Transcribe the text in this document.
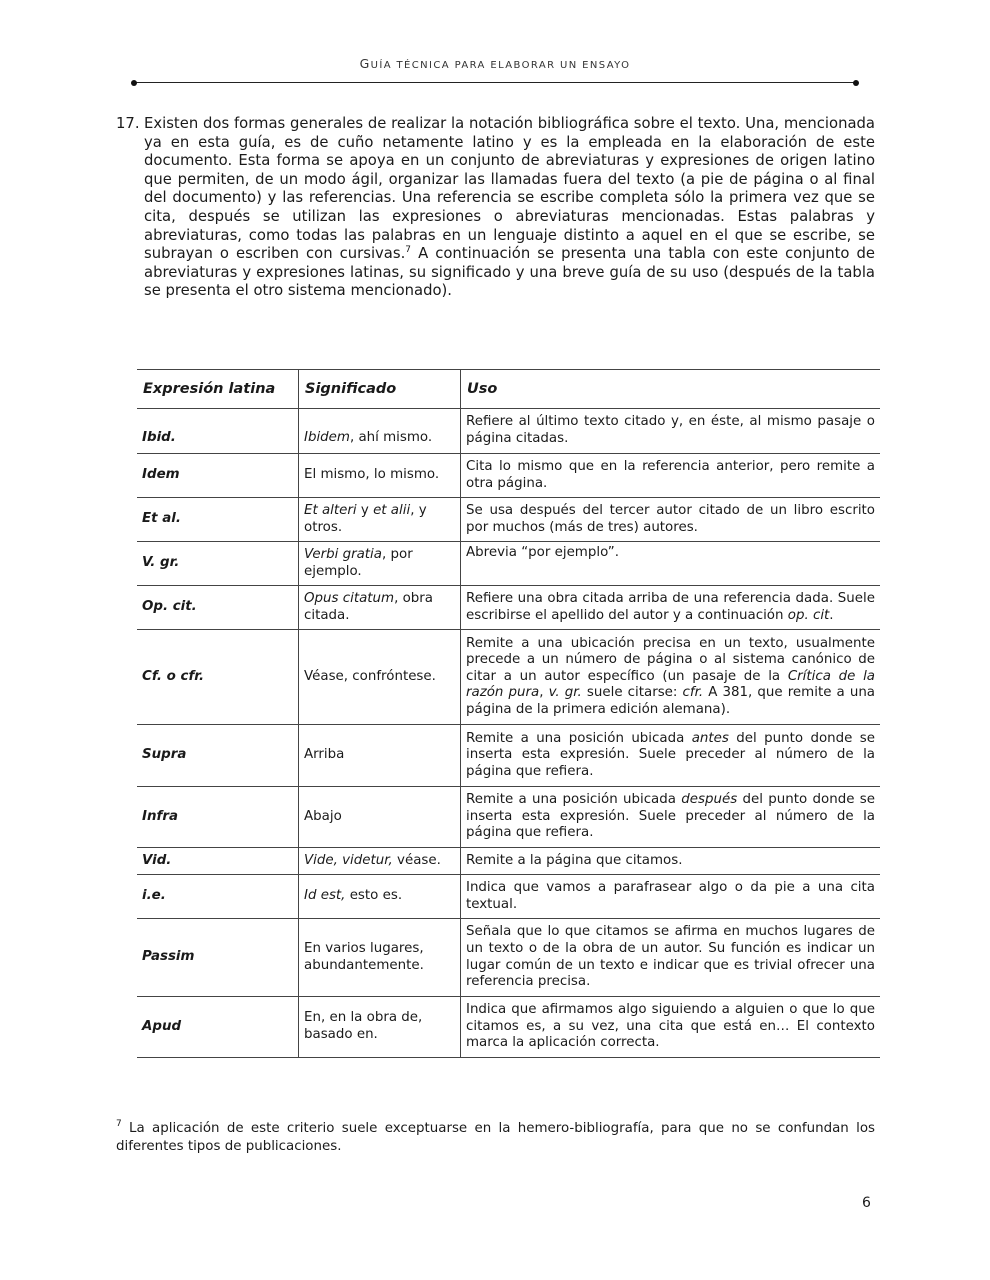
GUÍA TÉCNICA PARA ELABORAR UN ENSAYO
17. Existen dos formas generales de realizar la notación bibliográfica sobre el texto. Una, mencionada ya en esta guía, es de cuño netamente latino y es la empleada en la elaboración de este documento. Esta forma se apoya en un conjunto de abreviaturas y expresiones de origen latino que permiten, de un modo ágil, organizar las llamadas fuera del texto (a pie de página o al final del documento) y las referencias. Una referencia se escribe completa sólo la primera vez que se cita, después se utilizan las expresiones o abreviaturas mencionadas. Estas palabras y abreviaturas, como todas las palabras en un lenguaje distinto a aquel en el que se escribe, se subrayan o escriben con cursivas.$^7$ A continuación se presenta una tabla con este conjunto de abreviaturas y expresiones latinas, su significado y una breve guía de su uso (después de la tabla se presenta el otro sistema mencionado).
Expresión latina	Significado	Uso
Ibid.	Ibidem, ahí mismo.	Refiere al último texto citado y, en éste, al mismo pasaje o página citadas.
Idem	El mismo, lo mismo.	Cita lo mismo que en la referencia anterior, pero remite a otra página.
Et al.	Et alteri y et alii, y otros.	Se usa después del tercer autor citado de un libro escrito por muchos (más de tres) autores.
V. gr.	Verbi gratia, por ejemplo.	Abrevia “por ejemplo”.
Op. cit.	Opus citatum, obra citada.	Refiere una obra citada arriba de una referencia dada. Suele escribirse el apellido del autor y a continuación op. cit.
Cf. o cfr.	Véase, confróntese.	Remite a una ubicación precisa en un texto, usualmente precede a un número de página o al sistema canónico de citar a un autor específico (un pasaje de la Crítica de la razón pura, v. gr. suele citarse: cfr. A 381, que remite a una página de la primera edición alemana).
Supra	Arriba	Remite a una posición ubicada antes del punto donde se inserta esta expresión. Suele preceder al número de la página que refiera.
Infra	Abajo	Remite a una posición ubicada después del punto donde se inserta esta expresión. Suele preceder al número de la página que refiera.
Vid.	Vide, videtur, véase.	Remite a la página que citamos.
i.e.	Id est, esto es.	Indica que vamos a parafrasear algo o da pie a una cita textual.
Passim	En varios lugares, abundantemente.	Señala que lo que citamos se afirma en muchos lugares de un texto o de la obra de un autor. Su función es indicar un lugar común de un texto e indicar que es trivial ofrecer una referencia precisa.
Apud	En, en la obra de, basado en.	Indica que afirmamos algo siguiendo a alguien o que lo que citamos es, a su vez, una cita que está en… El contexto marca la aplicación correcta.
$^7$ La aplicación de este criterio suele exceptuarse en la hemero-bibliografía, para que no se confundan los diferentes tipos de publicaciones.
6
